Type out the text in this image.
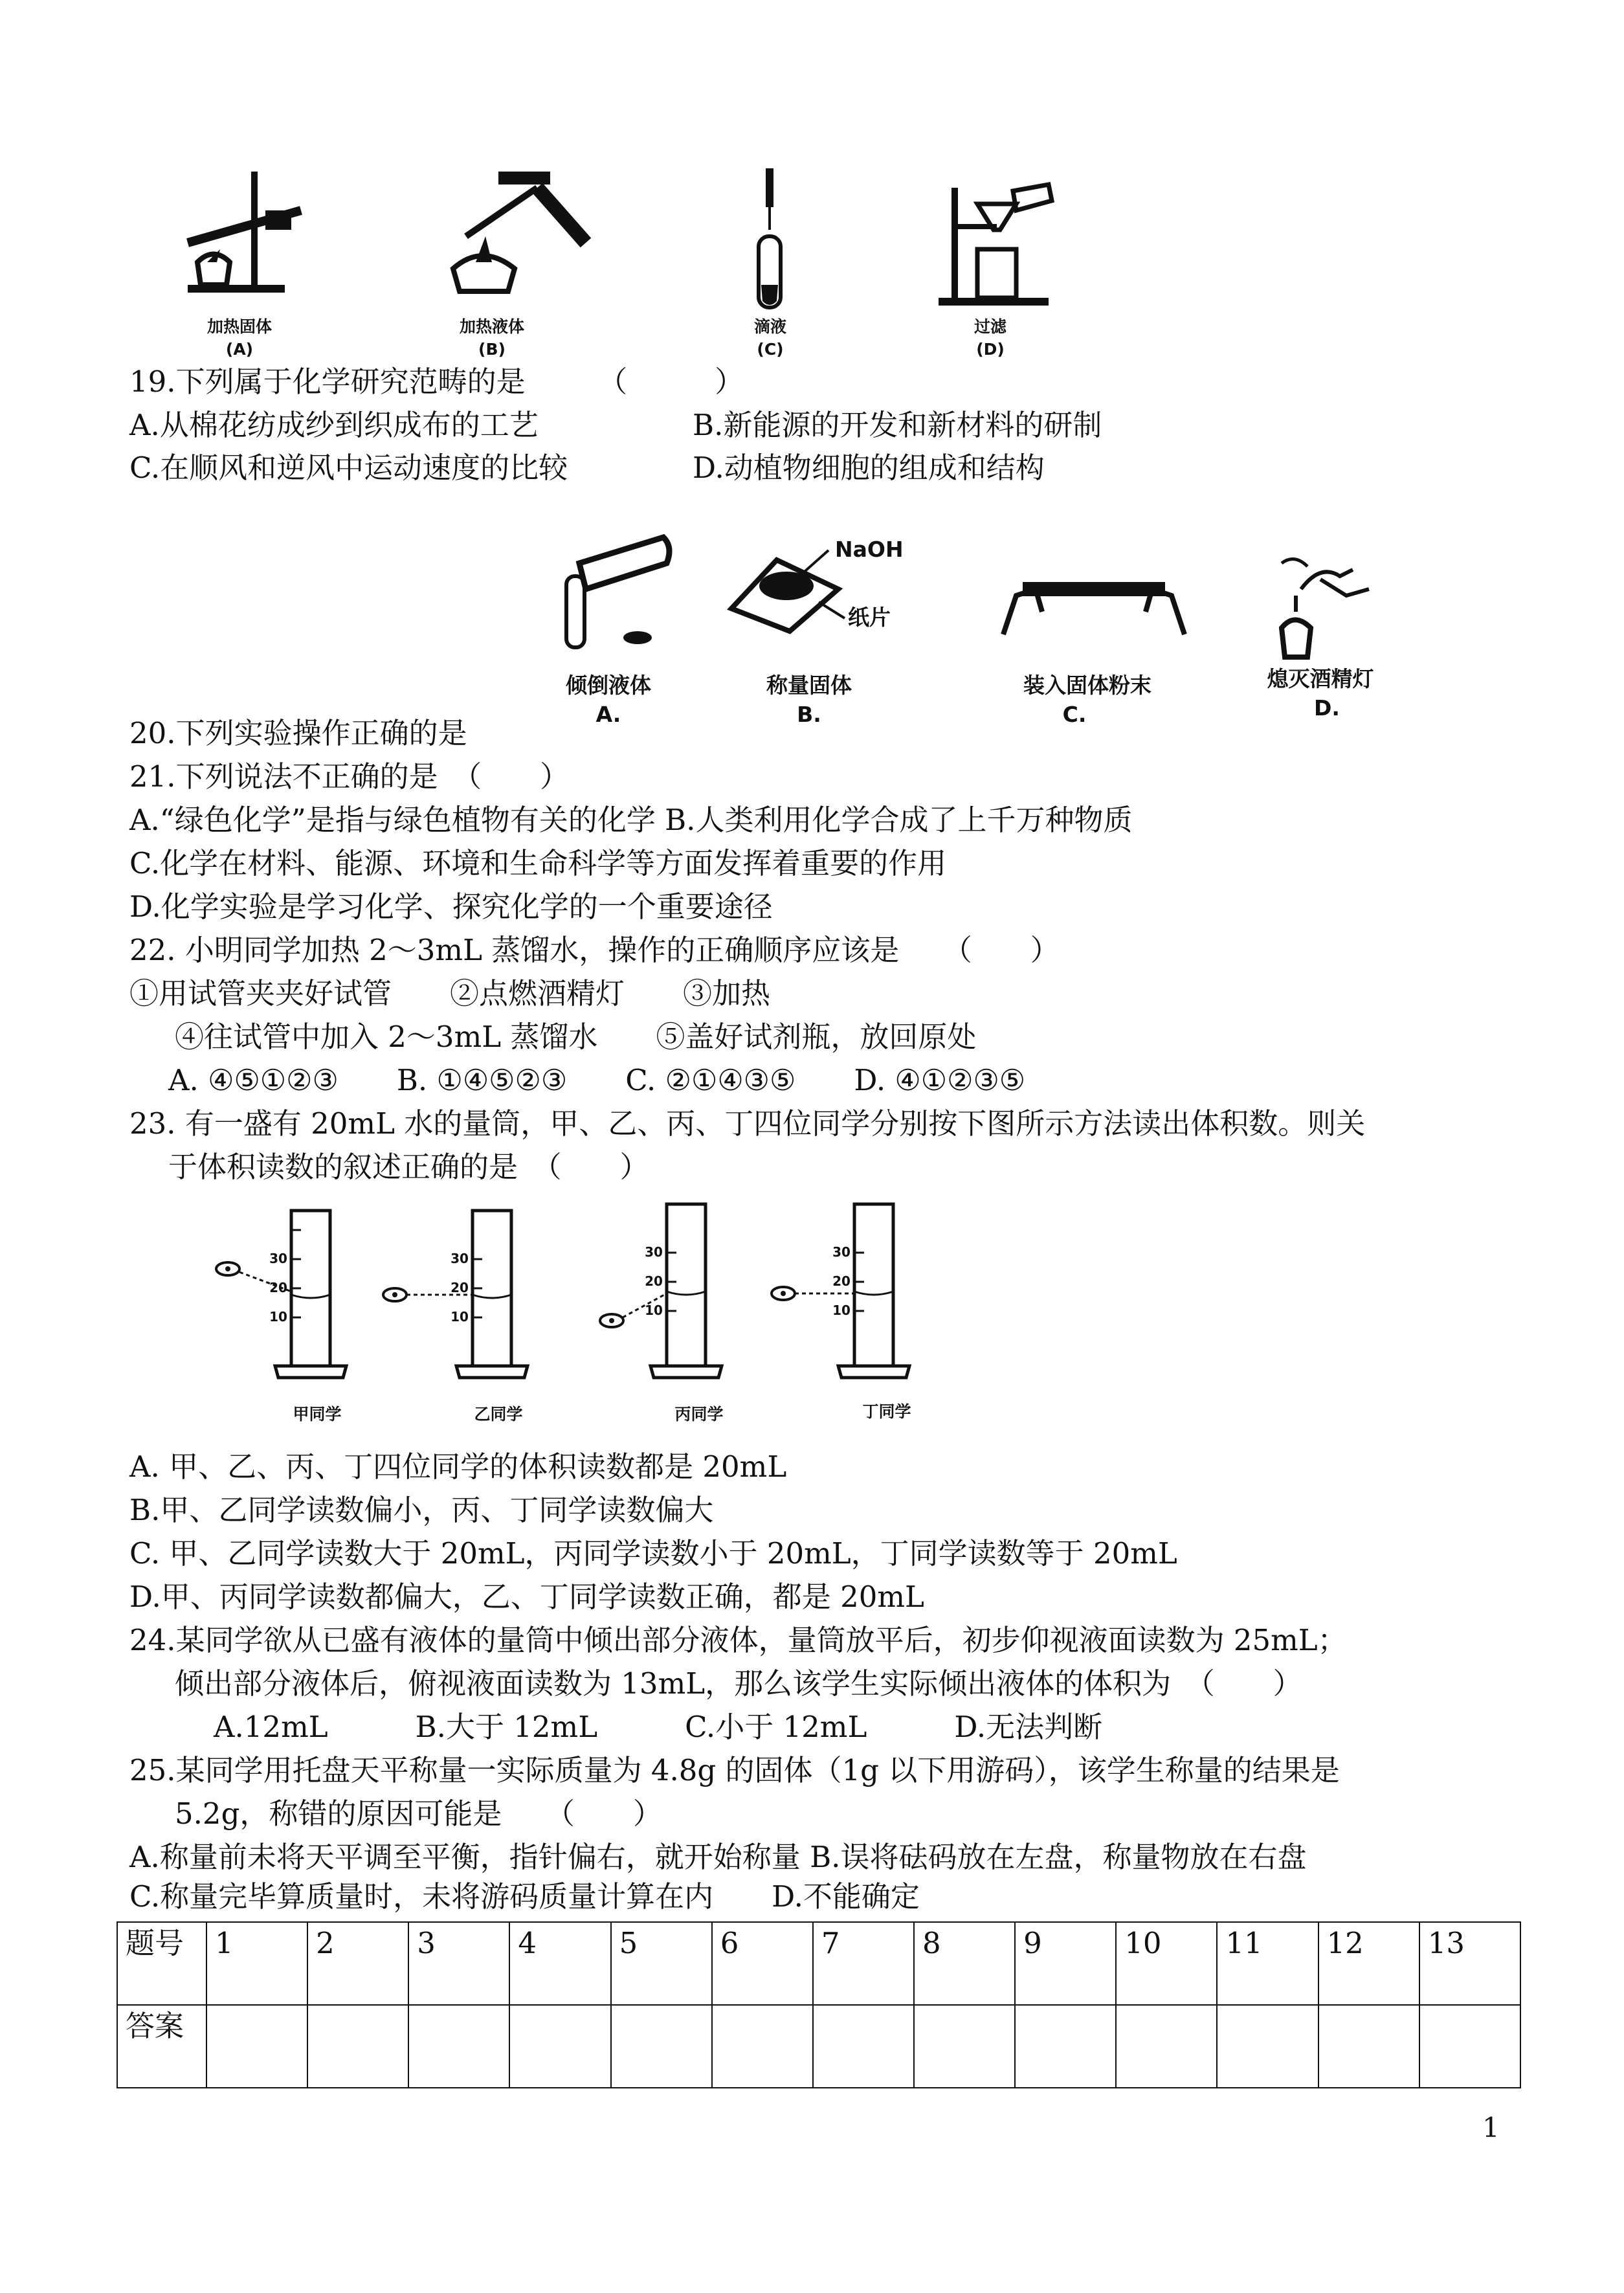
加热固体
(A)
加热液体
(B)
滴液
(C)
过滤
(D)
19.下列属于化学研究范畴的是　　　（　　　）
A.从棉花纺成纱到织成布的工艺	B.新能源的开发和新材料的研制
C.在顺风和逆风中运动速度的比较	D.动植物细胞的组成和结构
倾倒液体
A.
NaOH
纸片
称量固体
B.
装入固体粉末
C.
熄灭酒精灯
D.
20.下列实验操作正确的是
21.下列说法不正确的是　（　　）
A.“绿色化学”是指与绿色植物有关的化学 B.人类利用化学合成了上千万种物质
C.化学在材料、能源、环境和生命科学等方面发挥着重要的作用
D.化学实验是学习化学、探究化学的一个重要途径
22. 小明同学加热 2～3mL 蒸馏水，操作的正确顺序应该是　　（　　）
①用试管夹夹好试管　　②点燃酒精灯　　③加热
④往试管中加入 2～3mL 蒸馏水　　⑤盖好试剂瓶，放回原处
A. ④⑤①②③　　B. ①④⑤②③　　C. ②①④③⑤　　D. ④①②③⑤
23. 有一盛有 20mL 水的量筒，甲、乙、丙、丁四位同学分别按下图所示方法读出体积数。则关
于体积读数的叙述正确的是　（　　）
30
20
10
30
20
10
30
20
10
30
20
10
甲同学	乙同学	丙同学	丁同学
A. 甲、乙、丙、丁四位同学的体积读数都是 20mL
B.甲、乙同学读数偏小，丙、丁同学读数偏大
C. 甲、乙同学读数大于 20mL，丙同学读数小于 20mL，丁同学读数等于 20mL
D.甲、丙同学读数都偏大，乙、丁同学读数正确，都是 20mL
24.某同学欲从已盛有液体的量筒中倾出部分液体，量筒放平后，初步仰视液面读数为 25mL；
倾出部分液体后，俯视液面读数为 13mL，那么该学生实际倾出液体的体积为　（　　）
A.12mL　　　B.大于 12mL　　　C.小于 12mL　　　D.无法判断
25.某同学用托盘天平称量一实际质量为 4.8g 的固体（1g 以下用游码），该学生称量的结果是
5.2g，称错的原因可能是　　（　　）
A.称量前未将天平调至平衡，指针偏右，就开始称量 B.误将砝码放在左盘，称量物放在右盘
C.称量完毕算质量时，未将游码质量计算在内　　D.不能确定
题号	1	2	3	4	5	6	7	8	9	10	11	12	13
答案													
1
